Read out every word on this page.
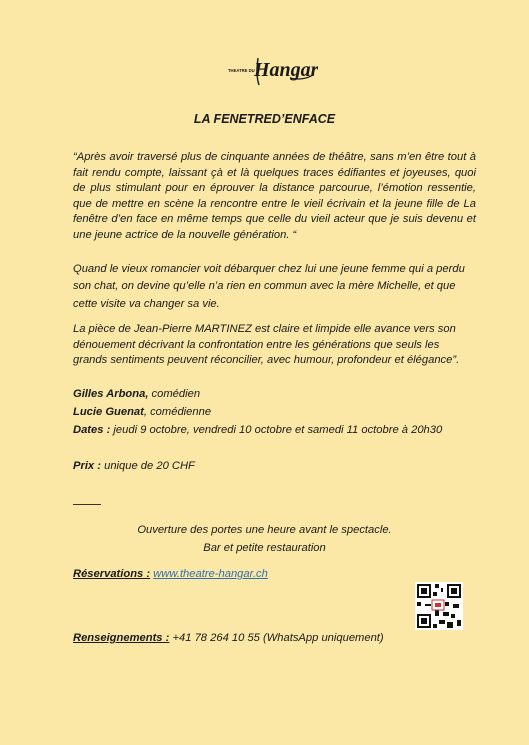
THEATRE DU Hangar
LA FENETRED’ENFACE
“Après avoir traversé plus de cinquante années de théâtre, sans m’en être tout à fait rendu compte, laissant çà et là quelques traces édifiantes et joyeuses, quoi de plus stimulant pour en éprouver la distance parcourue, l’émotion ressentie, que de mettre en scène la rencontre entre le vieil écrivain et la jeune fille de La fenêtre d’en face en même temps que celle du vieil acteur que je suis devenu et une jeune actrice de la nouvelle génération. “
Quand le vieux romancier voit débarquer chez lui une jeune femme qui a perdu son chat, on devine qu’elle n’a rien en commun avec la mère Michelle, et que cette visite va changer sa vie.
La pièce de Jean-Pierre MARTINEZ est claire et limpide elle avance vers son dénouement décrivant la confrontation entre les générations que seuls les grands sentiments peuvent réconcilier, avec humour, profondeur et élégance”.
Gilles Arbona, comédien
Lucie Guenat, comédienne
Dates : jeudi 9 octobre, vendredi 10 octobre et samedi 11 octobre à 20h30
Prix : unique de 20 CHF
Ouverture des portes une heure avant le spectacle.
Bar et petite restauration
Réservations : www.theatre-hangar.ch
Renseignements : +41 78 264 10 55 (WhatsApp uniquement)
